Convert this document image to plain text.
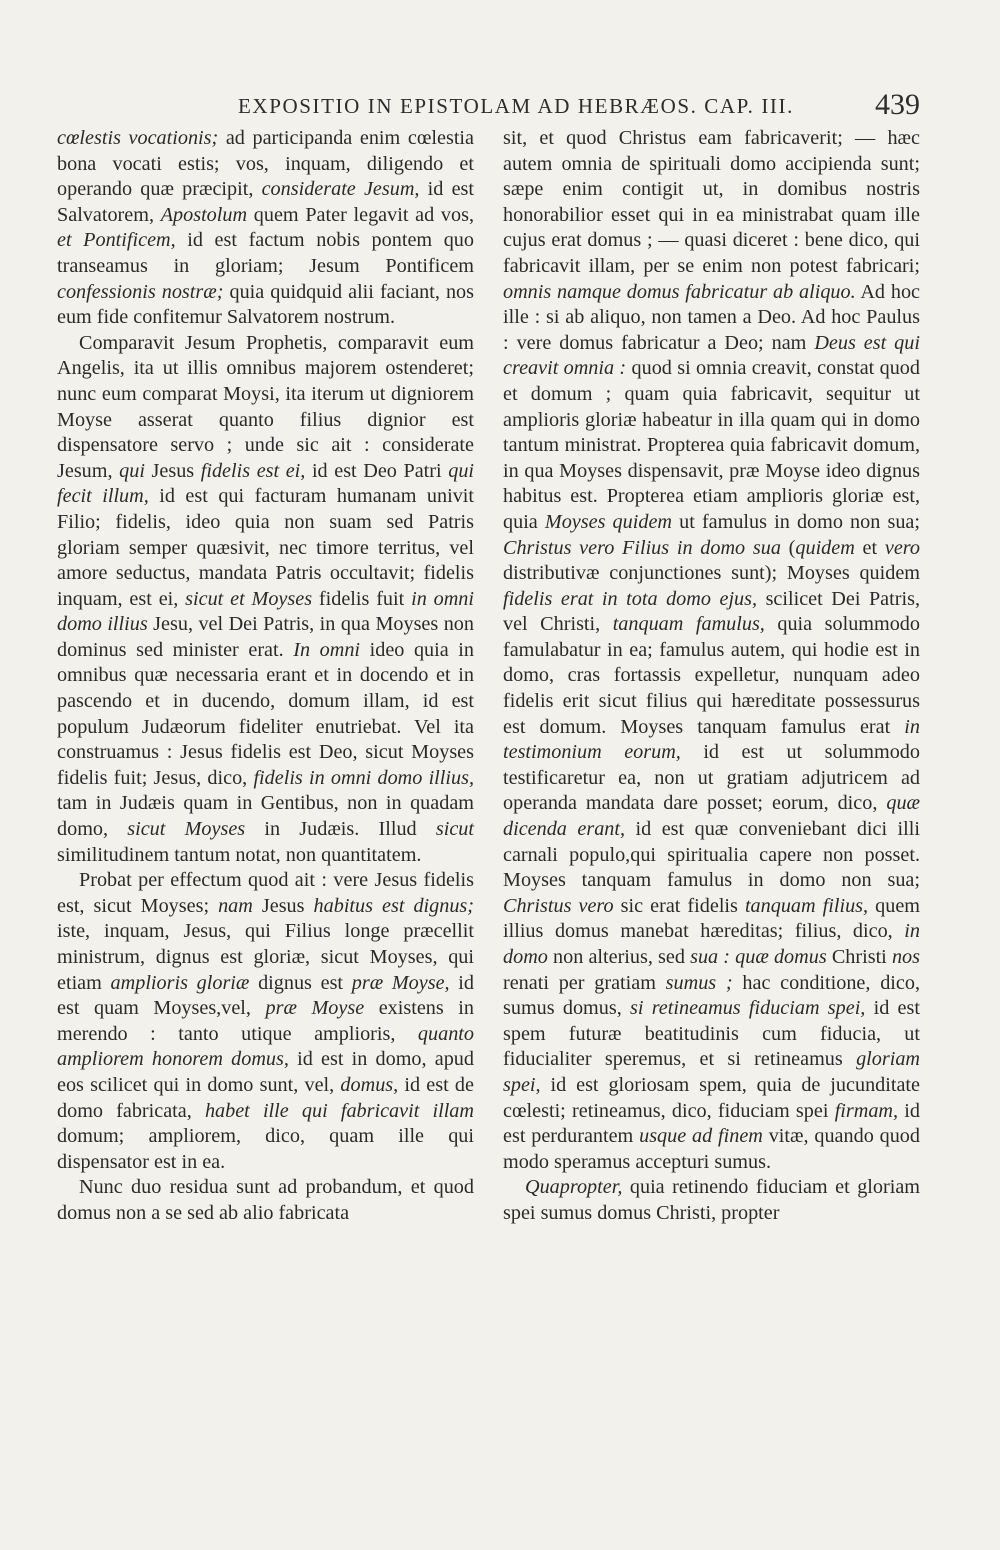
EXPOSITIO IN EPISTOLAM AD HEBRÆOS. CAP. III.	439

cœlestis vocationis; ad participanda enim cœlestia bona vocati estis; vos, inquam, diligendo et operando quæ præcipit, considerate Jesum, id est Salvatorem, Apostolum quem Pater legavit ad vos, et Pontificem, id est factum nobis pontem quo transeamus in gloriam; Jesum Pontificem confessionis nostræ; quia quidquid alii faciant, nos eum fide confitemur Salvatorem nostrum.

Comparavit Jesum Prophetis, comparavit eum Angelis, ita ut illis omnibus majorem ostenderet; nunc eum comparat Moysi, ita iterum ut digniorem Moyse asserat quanto filius dignior est dispensatore servo ; unde sic ait : considerate Jesum, qui Jesus fidelis est ei, id est Deo Patri qui fecit illum, id est qui facturam humanam univit Filio; fidelis, ideo quia non suam sed Patris gloriam semper quæsivit, nec timore territus, vel amore seductus, mandata Patris occultavit; fidelis inquam, est ei, sicut et Moyses fidelis fuit in omni domo illius Jesu, vel Dei Patris, in qua Moyses non dominus sed minister erat. In omni ideo quia in omnibus quæ necessaria erant et in docendo et in pascendo et in ducendo, domum illam, id est populum Judæorum fideliter enutriebat. Vel ita construamus : Jesus fidelis est Deo, sicut Moyses fidelis fuit; Jesus, dico, fidelis in omni domo illius, tam in Judæis quam in Gentibus, non in quadam domo, sicut Moyses in Judæis. Illud sicut similitudinem tantum notat, non quantitatem.

Probat per effectum quod ait : vere Jesus fidelis est, sicut Moyses; nam Jesus habitus est dignus; iste, inquam, Jesus, qui Filius longe præcellit ministrum, dignus est gloriæ, sicut Moyses, qui etiam amplioris gloriæ dignus est præ Moyse, id est quam Moyses,vel, præ Moyse existens in merendo : tanto utique amplioris, quanto ampliorem honorem domus, id est in domo, apud eos scilicet qui in domo sunt, vel, domus, id est de domo fabricata, habet ille qui fabricavit illam domum; ampliorem, dico, quam ille qui dispensator est in ea.

Nunc duo residua sunt ad probandum, et quod domus non a se sed ab alio fabricata

sit, et quod Christus eam fabricaverit; — hæc autem omnia de spirituali domo accipienda sunt; sæpe enim contigit ut, in domibus nostris honorabilior esset qui in ea ministrabat quam ille cujus erat domus ; — quasi diceret : bene dico, qui fabricavit illam, per se enim non potest fabricari; omnis namque domus fabricatur ab aliquo. Ad hoc ille : si ab aliquo, non tamen a Deo. Ad hoc Paulus : vere domus fabricatur a Deo; nam Deus est qui creavit omnia : quod si omnia creavit, constat quod et domum ; quam quia fabricavit, sequitur ut amplioris gloriæ habeatur in illa quam qui in domo tantum ministrat. Propterea quia fabricavit domum, in qua Moyses dispensavit, præ Moyse ideo dignus habitus est. Propterea etiam amplioris gloriæ est, quia Moyses quidem ut famulus in domo non sua; Christus vero Filius in domo sua (quidem et vero distributivæ conjunctiones sunt); Moyses quidem fidelis erat in tota domo ejus, scilicet Dei Patris, vel Christi, tanquam famulus, quia solummodo famulabatur in ea; famulus autem, qui hodie est in domo, cras fortassis expelletur, nunquam adeo fidelis erit sicut filius qui hæreditate possessurus est domum. Moyses tanquam famulus erat in testimonium eorum, id est ut solummodo testificaretur ea, non ut gratiam adjutricem ad operanda mandata dare posset; eorum, dico, quæ dicenda erant, id est quæ conveniebant dici illi carnali populo,qui spiritualia capere non posset. Moyses tanquam famulus in domo non sua; Christus vero sic erat fidelis tanquam filius, quem illius domus manebat hæreditas; filius, dico, in domo non alterius, sed sua : quæ domus Christi nos renati per gratiam sumus ; hac conditione, dico, sumus domus, si retineamus fiduciam spei, id est spem futuræ beatitudinis cum fiducia, ut fiducialiter speremus, et si retineamus gloriam spei, id est gloriosam spem, quia de jucunditate cœlesti; retineamus, dico, fiduciam spei firmam, id est perdurantem usque ad finem vitæ, quando quod modo speramus accepturi sumus.

Quapropter, quia retinendo fiduciam et gloriam spei sumus domus Christi, propter
